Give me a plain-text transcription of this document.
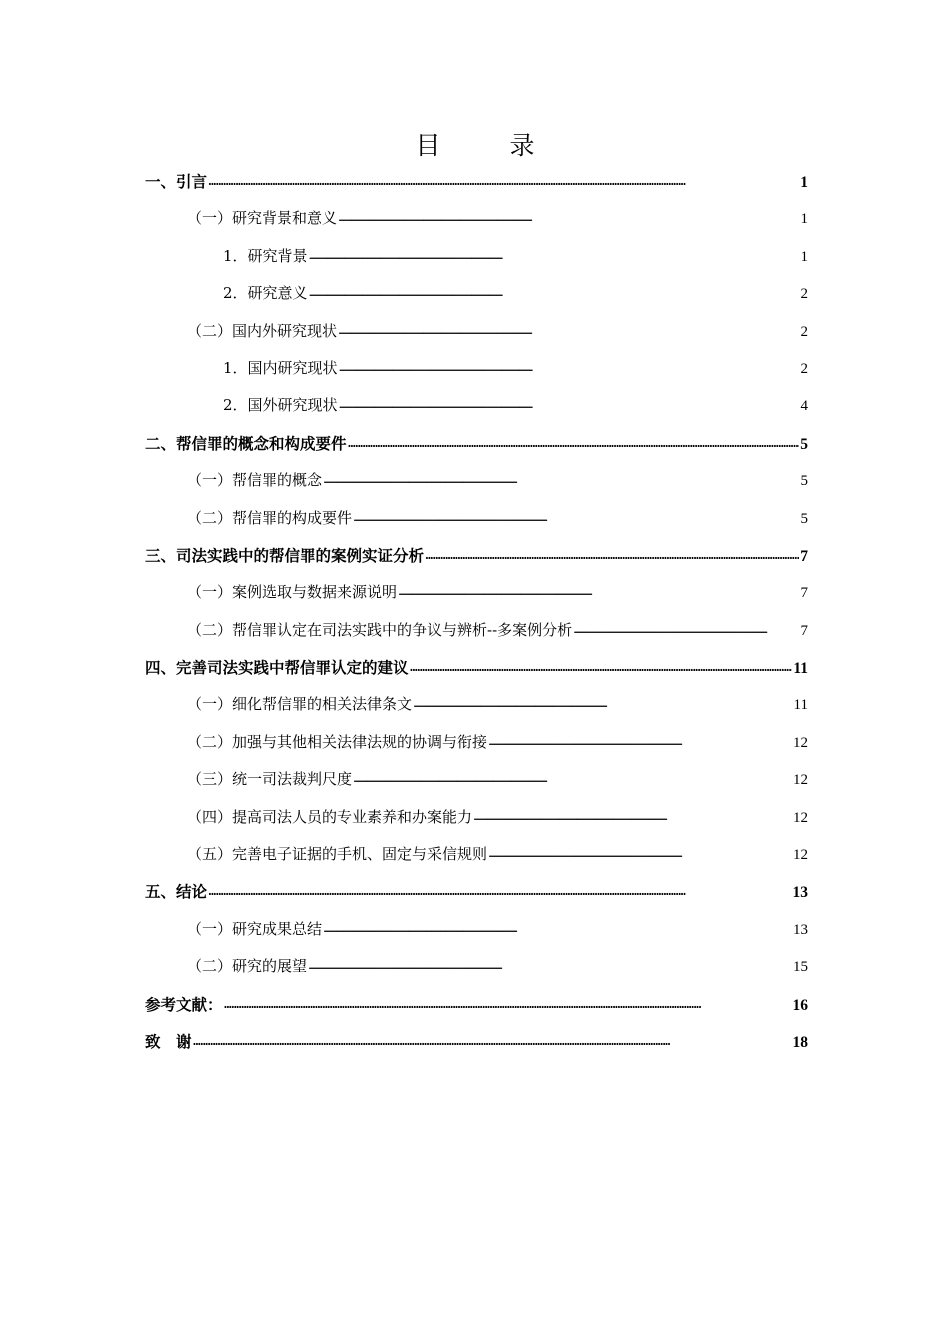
目　录
一、引言 . . .	1
（一）研究背景和意义 . . .	1
1．研究背景 . . .	1
2．研究意义 . . .	2
（二）国内外研究现状 . . .	2
1．国内研究现状 . . .	2
2．国外研究现状 . . .	4
二、帮信罪的概念和构成要件 . . .	5
（一）帮信罪的概念 . . .	5
（二）帮信罪的构成要件 . . .	5
三、司法实践中的帮信罪的案例实证分析 . . .	7
（一）案例选取与数据来源说明 . . .	7
（二）帮信罪认定在司法实践中的争议与辨析--多案例分析 . . .	7
四、完善司法实践中帮信罪认定的建议 . . .	11
（一）细化帮信罪的相关法律条文 . . .	11
（二）加强与其他相关法律法规的协调与衔接 . . .	12
（三）统一司法裁判尺度 . . .	12
（四）提高司法人员的专业素养和办案能力 . . .	12
（五）完善电子证据的手机、固定与采信规则 . . .	12
五、结论 . . .	13
（一）研究成果总结 . . .	13
（二）研究的展望 . . .	15
参考文献： . . .	16
致　谢 . . .	18
